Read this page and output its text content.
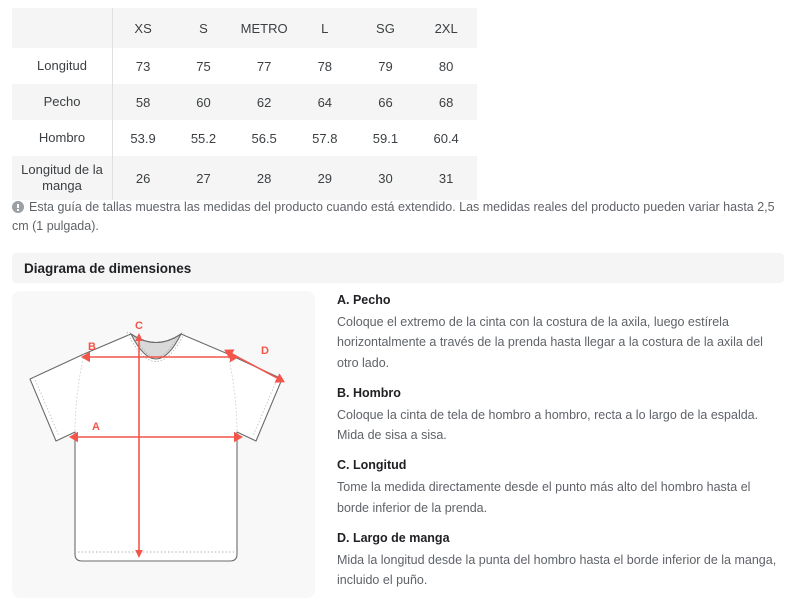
	XS	S	METRO	L	SG	2XL
Longitud	73	75	77	78	79	80
Pecho	58	60	62	64	66	68
Hombro	53.9	55.2	56.5	57.8	59.1	60.4
Longitud de la manga	26	27	28	29	30	31
Esta guía de tallas muestra las medidas del producto cuando está extendido. Las medidas reales del producto pueden variar hasta 2,5 cm (1 pulgada).
Diagrama de dimensiones
C
B
A
D
A. Pecho
Coloque el extremo de la cinta con la costura de la axila, luego estírela horizontalmente a través de la prenda hasta llegar a la costura de la axila del otro lado.
B. Hombro
Coloque la cinta de tela de hombro a hombro, recta a lo largo de la espalda. Mida de sisa a sisa.
C. Longitud
Tome la medida directamente desde el punto más alto del hombro hasta el borde inferior de la prenda.
D. Largo de manga
Mida la longitud desde la punta del hombro hasta el borde inferior de la manga, incluido el puño.
